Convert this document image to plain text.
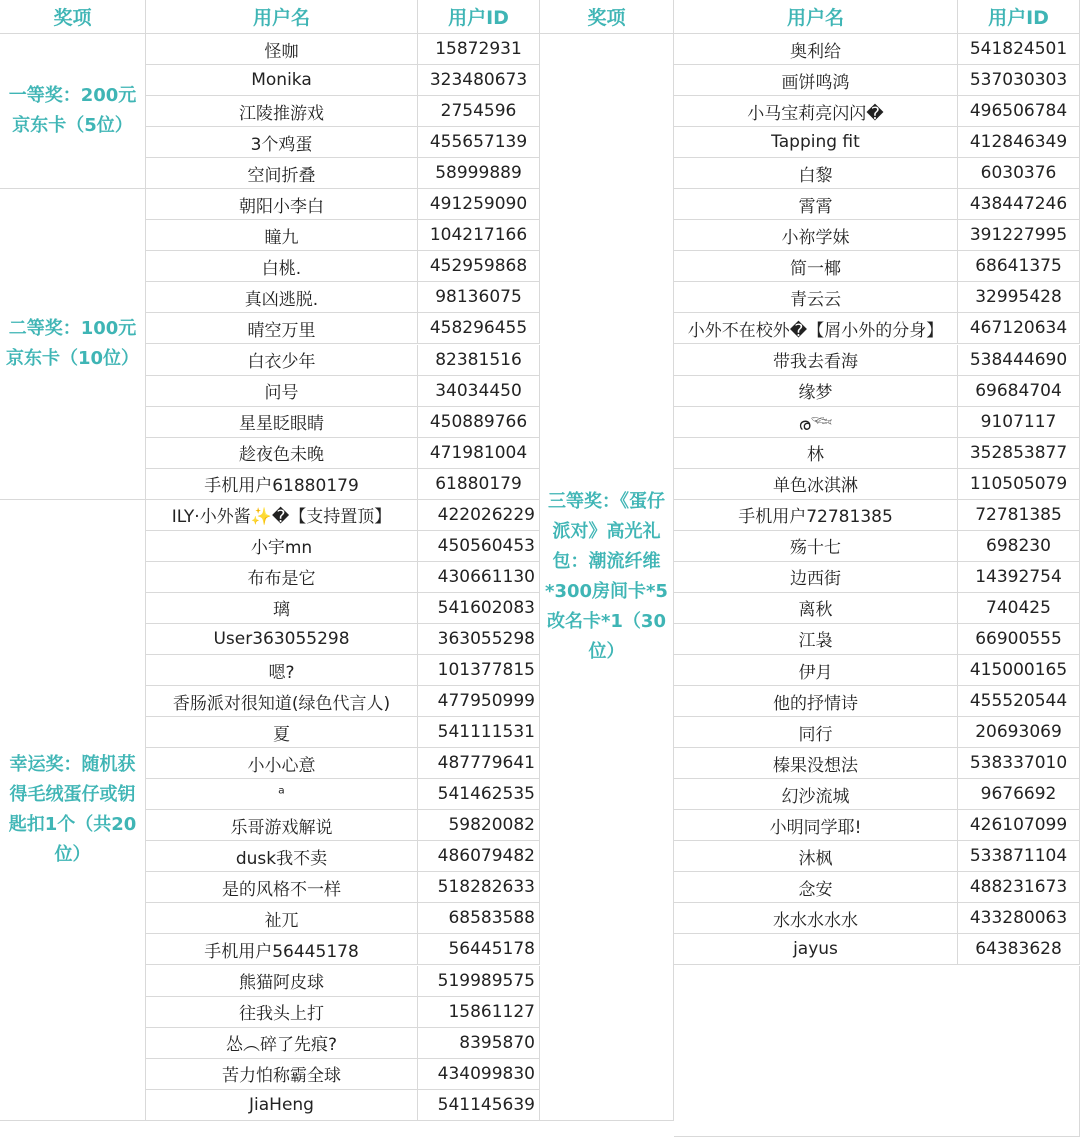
奖项	用户名	用户ID	奖项	用户名	用户ID
一等奖：200元京东卡（5位）
怪咖	15872931
Monika	323480673
江陵推游戏	2754596
3个鸡蛋	455657139
空间折叠	58999889
二等奖：100元京东卡（10位）
朝阳小李白	491259090
瞳九	104217166
白桃.	452959868
真凶逃脱.	98136075
晴空万里	458296455
白衣少年	82381516
问号	34034450
星星眨眼睛	450889766
趁夜色未晚	471981004
手机用户61880179	61880179
幸运奖：随机获得毛绒蛋仔或钥匙扣1个（共20位）
ILY·小外酱✨�【支持置顶】	422026229
小宇mn	450560453
布布是它	430661130
璃	541602083
User363055298	363055298
嗯?	101377815
香肠派对很知道(绿色代言人)	477950999
夏	541111531
小小心意	487779641
ᵃ	541462535
乐哥游戏解说	59820082
dusk我不卖	486079482
是的风格不一样	518282633
祉兀	68583588
手机用户56445178	56445178
熊猫阿皮球	519989575
往我头上打	15861127
怂︵碎了先痕?	8395870
苦力怕称霸全球	434099830
JiaHeng	541145639
三等奖：《蛋仔派对》高光礼包：潮流纤维*300房间卡*5改名卡*1（30位）
奥利给	541824501
画饼鸣鸿	537030303
小马宝莉亮闪闪�	496506784
Tapping fit	412846349
白黎	6030376
霄霄	438447246
小祢学妹	391227995
简一椰	68641375
青云云	32995428
小外不在校外�【屑小外的分身】	467120634
带我去看海	538444690
缘梦	69684704
ര𓆝	9107117
林	352853877
单色冰淇淋	110505079
手机用户72781385	72781385
殇十七	698230
边西街	14392754
离秋	740425
江袅	66900555
伊月	415000165
他的抒情诗	455520544
同行	20693069
榛果没想法	538337010
幻沙流城	9676692
小明同学耶!	426107099
沐枫	533871104
念安	488231673
水水水水水	433280063
jayus	64383628
